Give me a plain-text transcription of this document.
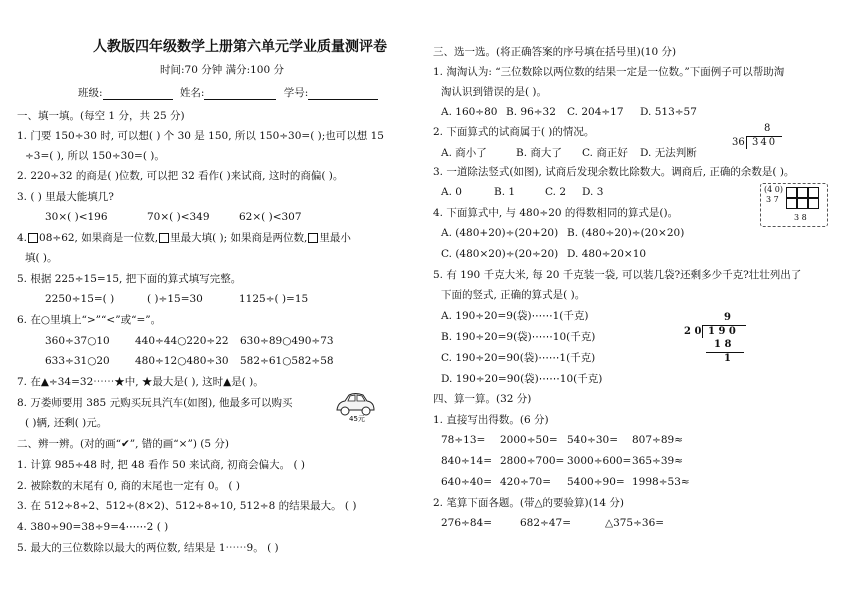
人教版四年级数学上册第六单元学业质量测评卷
时间:70 分钟 满分:100 分
班级:	姓名:	学号:
一、填一填。(每空 1 分，共 25 分)
1. 门要 150÷30 时, 可以想( ) 个 30 是 150, 所以 150÷30=( );也可以想 15
÷3=( ), 所以 150÷30=( )。
2. 220÷32 的商是( )位数, 可以把 32 看作( )来试商, 这时的商偏( )。
3. ( ) 里最大能填几?
30×( )<196	70×( )<349	62×( )<307
4. 08÷62, 如果商是一位数, 里最大填( ); 如果商是两位数, 里最小
填( )。
5. 根据 225÷15=15, 把下面的算式填写完整。
2250÷15=( )	( )÷15=30	1125÷( )=15
6. 在○里填上“>”“<”或“=”。
360÷37○10 440÷44○220÷22 630÷89○490÷73
633÷31○20 480÷12○480÷30 582÷61○582÷58
7. 在▲÷34=32⋯⋯★中, ★最大是( ), 这时▲是( )。
8. 万娄师要用 385 元购买玩具汽车(如图), 他最多可以购买
( )辆, 还剩( )元。	45元
二、辨一辨。(对的画“✔”, 错的画“×”) (5 分)
1. 计算 985÷48 时, 把 48 看作 50 来试商, 初商会偏大。 ( )
2. 被除数的末尾有 0, 商的末尾也一定有 0。 ( )
3. 在 512÷8÷2、512÷(8×2)、512÷8÷10, 512÷8 的结果最大。 ( )
4. 380÷90=38÷9=4⋯⋯2 ( )
5. 最大的三位数除以最大的两位数, 结果是 1⋯⋯9。 ( )
三、选一选。(将正确答案的序号填在括号里)(10 分)
1. 淘淘认为: “三位数除以两位数的结果一定是一位数。”下面例子可以帮助淘
淘认识到错误的是( )。
A. 160÷80 B. 96÷32 C. 204÷17 D. 513÷57
2. 下面算式的试商属于( )的情况。
A. 商小了	B. 商大了 C. 商正好 D. 无法判断
8
36 340
3. 一道除法竖式(如图), 试商后发现余数比除数大。调商后, 正确的余数是( )。
A. 0	B. 1	C. 2 D. 3	(4 0)
3 7
3 8
4. 下面算式中, 与 480÷20 的得数相同的算式是()。
A. (480+20)÷(20+20) B. (480÷20)÷(20×20)
C. (480×20)÷(20÷20) D. 480÷20×10
5. 有 190 千克大米, 每 20 千克装一袋, 可以装几袋?还剩多少千克?壮壮列出了
下面的竖式, 正确的算式是( )。
A. 190÷20=9(袋)⋯⋯1(千克)
B. 190÷20=9(袋)⋯⋯10(千克)
C. 190÷20=90(袋)⋯⋯1(千克)
D. 190÷20=90(袋)⋯⋯10(千克)
9
2 0 1 9 0
1 8
1
四、算一算。(32 分)
1. 直接写出得数。(6 分)
78÷13= 2000÷50= 540÷30= 807÷89≈
840÷14= 2800÷700= 3000÷600= 365÷39≈
640÷40= 420÷70= 5400÷90= 1998÷53≈
2. 笔算下面各题。(带△的要验算)(14 分)
276÷84=	682÷47=	△375÷36=
